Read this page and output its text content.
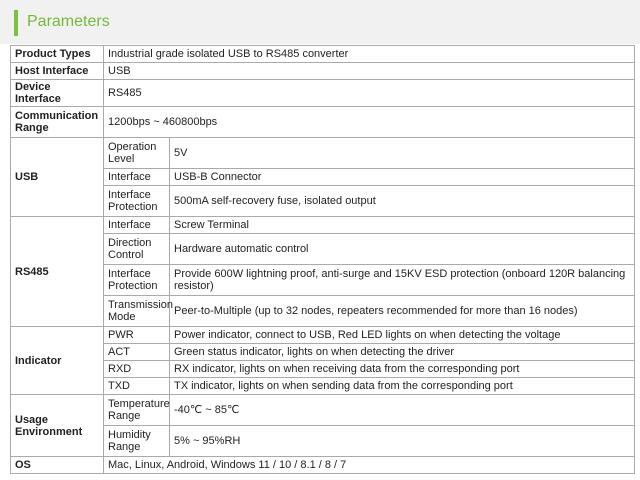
Parameters
Product Types	Industrial grade isolated USB to RS485 converter	
Host Interface	USB	
Device Interface	RS485	
Communication Range	1200bps ~ 460800bps	
USB	Operation Level	5V
	Interface	USB-B Connector
	Interface Protection	500mA self-recovery fuse, isolated output
RS485	Interface	Screw Terminal
	Direction Control	Hardware automatic control
	Interface Protection	Provide 600W lightning proof, anti-surge and 15KV ESD protection (onboard 120R balancing resistor)
	Transmission Mode	Peer-to-Multiple (up to 32 nodes, repeaters recommended for more than 16 nodes)
Indicator	PWR	Power indicator, connect to USB, Red LED lights on when detecting the voltage
	ACT	Green status indicator, lights on when detecting the driver
	RXD	RX indicator, lights on when receiving data from the corresponding port
	TXD	TX indicator, lights on when sending data from the corresponding port
Usage Environment	Temperature Range	-40℃ ~ 85℃
	Humidity Range	5% ~ 95%RH
OS	Mac, Linux, Android, Windows 11 / 10 / 8.1 / 8 / 7	
